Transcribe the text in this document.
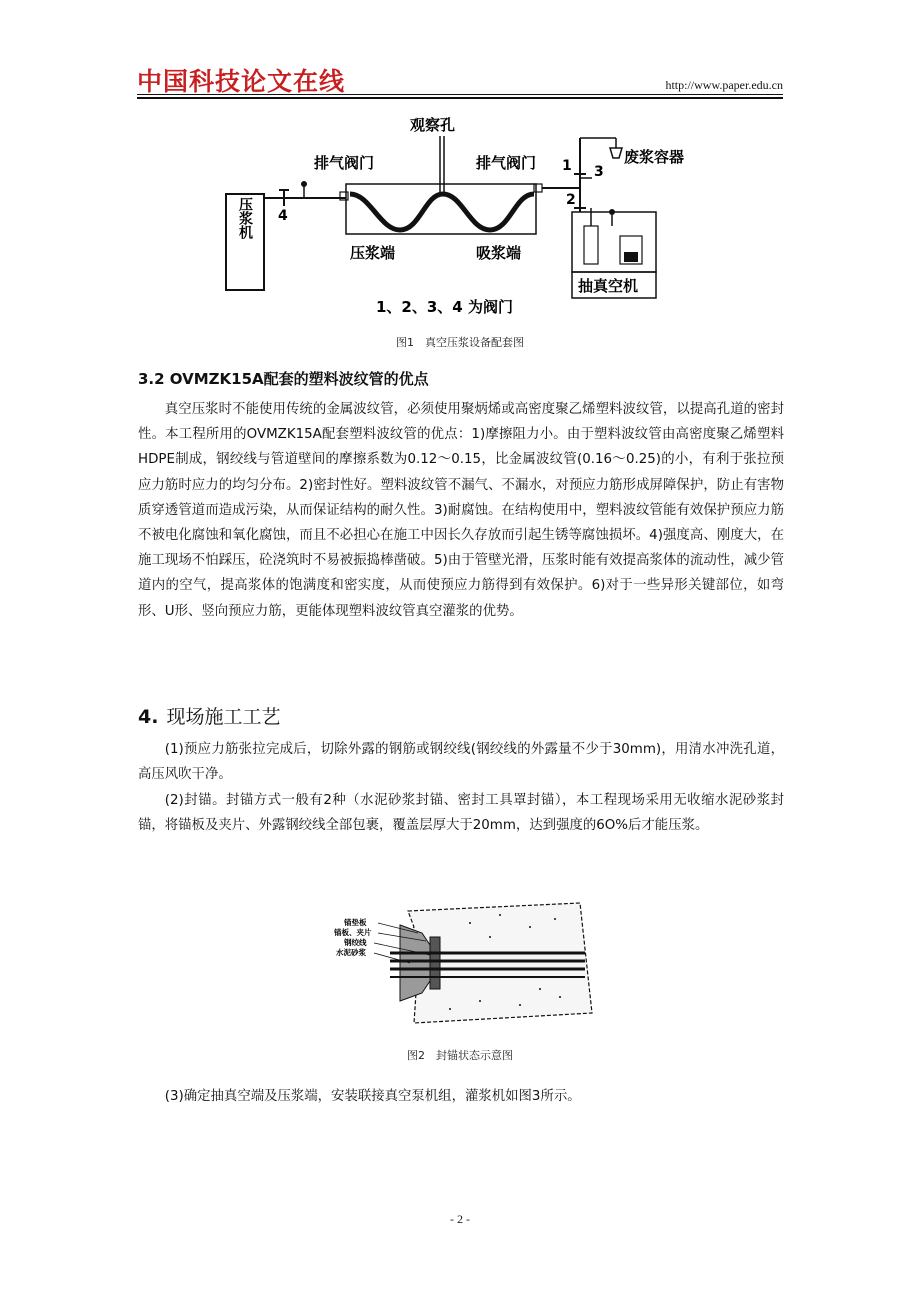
中国科技论文在线	http://www.paper.edu.cn
压浆机 4
排气阀门
观察孔
排气阀门
压浆端	吸浆端
1
2
3
废浆容器
抽真空机
1、2、3、4 为阀门
图1　真空压浆设备配套图
3.2 OVMZK15A配套的塑料波纹管的优点

真空压浆时不能使用传统的金属波纹管，必须使用聚炳烯或高密度聚乙烯塑料波纹管，以提高孔道的密封性。本工程所用的OVMZK15A配套塑料波纹管的优点：1)摩擦阻力小。由于塑料波纹管由高密度聚乙烯塑料HDPE制成，钢绞线与管道壁间的摩擦系数为0.12～0.15，比金属波纹管(0.16～0.25)的小，有利于张拉预应力筋时应力的均匀分布。2)密封性好。塑料波纹管不漏气、不漏水，对预应力筋形成屏障保护，防止有害物质穿透管道而造成污染，从而保证结构的耐久性。3)耐腐蚀。在结构使用中，塑料波纹管能有效保护预应力筋不被电化腐蚀和氧化腐蚀，而且不必担心在施工中因长久存放而引起生锈等腐蚀损坏。4)强度高、刚度大，在施工现场不怕踩压，砼浇筑时不易被振捣棒凿破。5)由于管壁光滑，压浆时能有效提高浆体的流动性，减少管道内的空气，提高浆体的饱满度和密实度，从而使预应力筋得到有效保护。6)对于一些异形关键部位，如弯形、U形、竖向预应力筋，更能体现塑料波纹管真空灌浆的优势。

4. 现场施工工艺

(1)预应力筋张拉完成后，切除外露的钢筋或钢绞线(钢绞线的外露量不少于30mm)，用清水冲洗孔道，高压风吹干净。

(2)封锚。封锚方式一般有2种（水泥砂浆封锚、密封工具罩封锚），本工程现场采用无收缩水泥砂浆封锚，将锚板及夹片、外露钢绞线全部包裹，覆盖层厚大于20mm，达到强度的6O%后才能压浆。

锚垫板
锚板、夹片
钢绞线
水泥砂浆
图2　封锚状态示意图

(3)确定抽真空端及压浆端，安装联接真空泵机组，灌浆机如图3所示。

- 2 -
